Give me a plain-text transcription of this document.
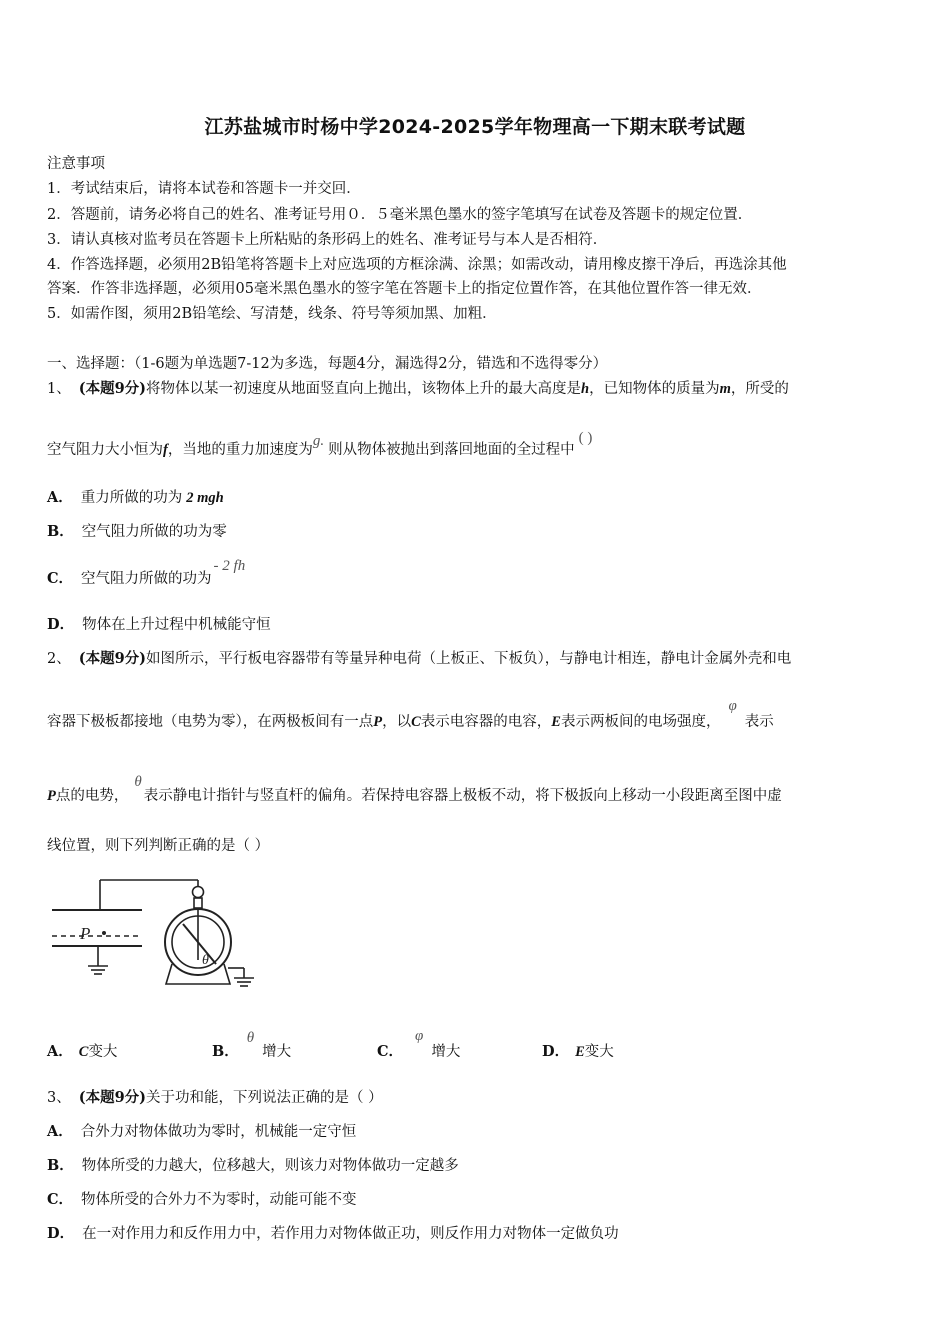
江苏盐城市时杨中学2024-2025学年物理高一下期末联考试题
注意事项
1．考试结束后，请将本试卷和答题卡一并交回．
2．答题前，请务必将自己的姓名、准考证号用０．５毫米黑色墨水的签字笔填写在试卷及答题卡的规定位置．
3．请认真核对监考员在答题卡上所粘贴的条形码上的姓名、准考证号与本人是否相符．
4．作答选择题，必须用2B铅笔将答题卡上对应选项的方框涂满、涂黑；如需改动，请用橡皮擦干净后，再选涂其他
答案．作答非选择题，必须用05毫米黑色墨水的签字笔在答题卡上的指定位置作答，在其他位置作答一律无效．
5．如需作图，须用2B铅笔绘、写清楚，线条、符号等须加黑、加粗．
一、选择题：（1-6题为单选题7-12为多选，每题4分，漏选得2分，错选和不选得零分）
1、 (本题9分)将物体以某一初速度从地面竖直向上抛出，该物体上升的最大高度是h，已知物体的质量为m，所受的
空气阻力大小恒为f，当地的重力加速度为g.则从物体被抛出到落回地面的全过程中( )
A． 重力所做的功为 2 mgh
B． 空气阻力所做的功为零
C． 空气阻力所做的功为- 2 fh
D． 物体在上升过程中机械能守恒
2、 (本题9分)如图所示，平行板电容器带有等量异种电荷（上板正、下板负），与静电计相连，静电计金属外壳和电
容器下极板都接地（电势为零），在两极板间有一点P，以C表示电容器的电容，E表示两板间的电场强度，φ表示
P点的电势，θ表示静电计指针与竖直杆的偏角。若保持电容器上极板不动，将下极扳向上移动一小段距离至图中虚
线位置，则下列判断正确的是（ ）
P
θ
A． C变大	B．θ增大	C．φ增大	D． E变大
3、 (本题9分)关于功和能，下列说法正确的是（ ）
A． 合外力对物体做功为零时，机械能一定守恒
B． 物体所受的力越大，位移越大，则该力对物体做功一定越多
C． 物体所受的合外力不为零时，动能可能不变
D． 在一对作用力和反作用力中，若作用力对物体做正功，则反作用力对物体一定做负功
